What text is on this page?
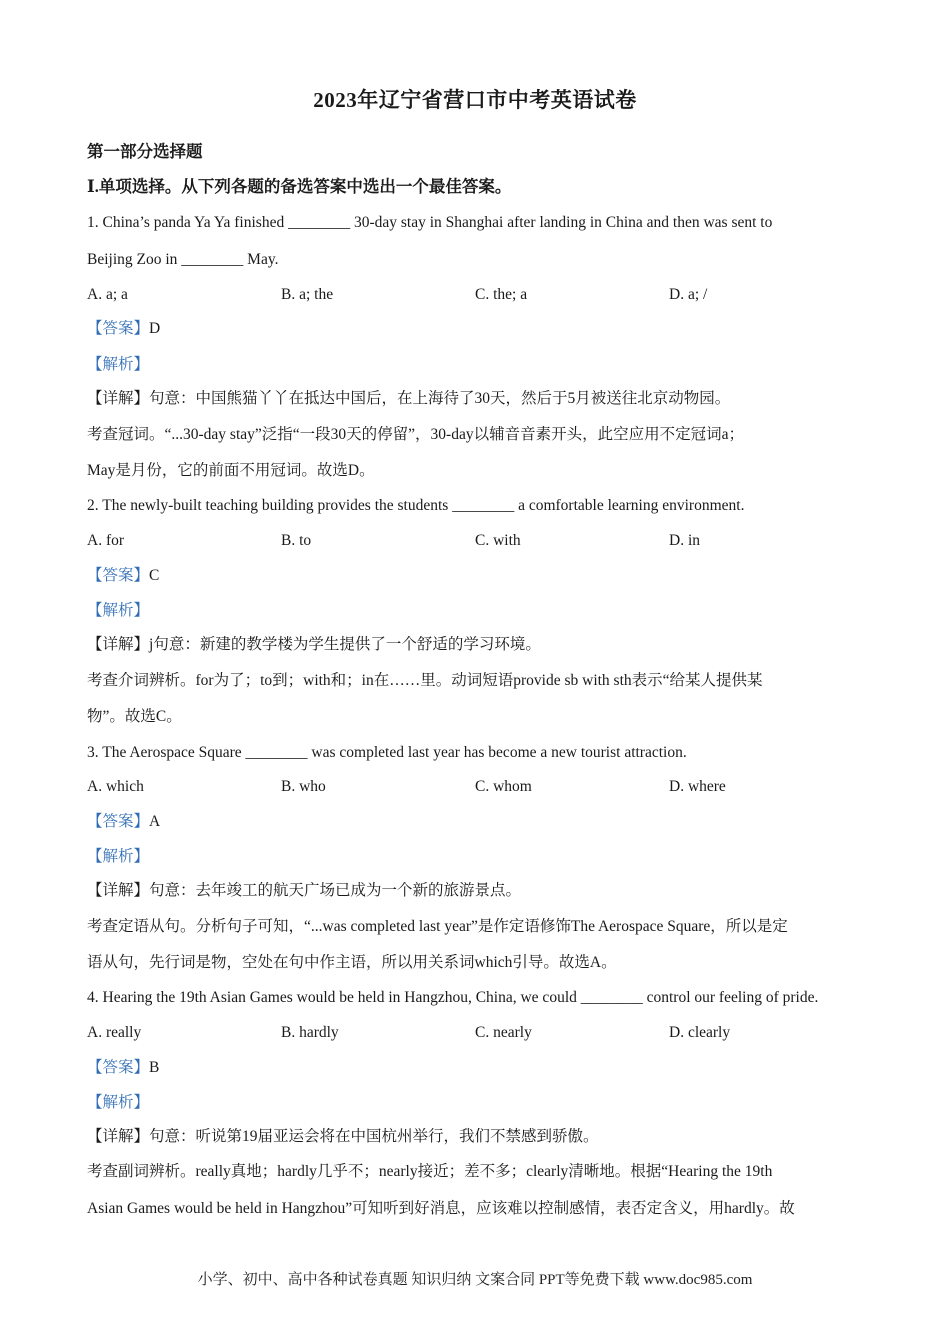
2023年辽宁省营口市中考英语试卷
第一部分选择题
Ⅰ.单项选择。从下列各题的备选答案中选出一个最佳答案。
1. China’s panda Ya Ya finished ________ 30-day stay in Shanghai after landing in China and then was sent to
Beijing Zoo in ________ May.
A. a; a	B. a; the	C. the; a	D. a; /
【答案】D
【解析】
【详解】句意：中国熊猫丫丫在抵达中国后，在上海待了30天，然后于5月被送往北京动物园。
考查冠词。“...30-day stay”泛指“一段30天的停留”，30-day以辅音音素开头，此空应用不定冠词a；
May是月份，它的前面不用冠词。故选D。
2. The newly-built teaching building provides the students ________ a comfortable learning environment.
A. for	B. to	C. with	D. in
【答案】C
【解析】
【详解】j句意：新建的教学楼为学生提供了一个舒适的学习环境。
考查介词辨析。for为了；to到；with和；in在……里。动词短语provide sb with sth表示“给某人提供某
物”。故选C。
3. The Aerospace Square ________ was completed last year has become a new tourist attraction.
A. which	B. who	C. whom	D. where
【答案】A
【解析】
【详解】句意：去年竣工的航天广场已成为一个新的旅游景点。
考查定语从句。分析句子可知，“...was completed last year”是作定语修饰The Aerospace Square，所以是定
语从句，先行词是物，空处在句中作主语，所以用关系词which引导。故选A。
4. Hearing the 19th Asian Games would be held in Hangzhou, China, we could ________ control our feeling of pride.
A. really	B. hardly	C. nearly	D. clearly
【答案】B
【解析】
【详解】句意：听说第19届亚运会将在中国杭州举行，我们不禁感到骄傲。
考查副词辨析。really真地；hardly几乎不；nearly接近；差不多；clearly清晰地。根据“Hearing the 19th
Asian Games would be held in Hangzhou”可知听到好消息，应该难以控制感情，表否定含义，用hardly。故
小学、初中、高中各种试卷真题 知识归纳 文案合同 PPT等免费下载 www.doc985.com
